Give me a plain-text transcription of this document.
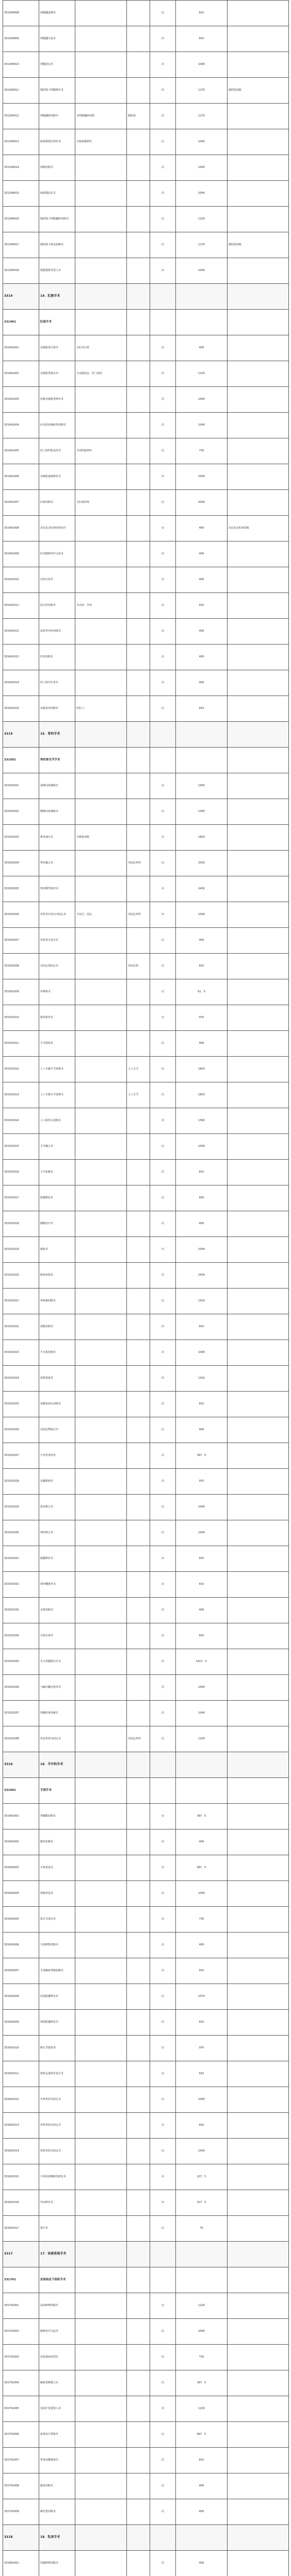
331304008	网膜囊造瘘术			次	810	
331304009	网膜囊引流术			次	810	
331304010	网膜固定术			次	1040	
331304011	腹腔镜下网膜修补术			次	1170	腹腔镜加收
331304012	网膜囊肿切除术	含网膜囊肿切除	腹腔镜	次	1170	
331304013	肠系膜裂孔修补术	含肠系膜修补		次	1040	
331304014	网膜切除术			次	1040	
331304015	肠系膜固定术			次	1040	
331304016	腹腔镜下网膜囊肿切除术			次	1220	
331304017	腹腔镜下粘连松解术			次	1170	腹腔镜加收
331304018	腹膜透析管置入术			次	1040	
3314	14．肛肠手术					
331401	肛肠手术					
331401001	直肠脱垂注射术	含肛周注射		次	400	
331401002	直肠脱垂悬吊术	含直肠固定、肛门成形		次	1220	
331401003	经腹直肠脱垂修补术			次	1040	
331401004	经会阴直肠脱垂切除术			次	1040	
331401005	肛门括约肌成形术	含括约肌修补		次	730	
331401006	直肠阴道瘘修补术			次	1040	
331401007	肛瘘切除术	含肛瘘挂线		次	2030	
331401008	高位复杂肛瘘挂线治疗			次	400	高位复杂肛瘘加收
331401009	肛周脓肿切开引流术			次	400	
331401010	内痔注射术			次	400	
331401011	混合痔切除术	含内痔、外痔		次	810	
331401012	血栓性外痔切除术			次	400	
331401013	肛裂切除术			次	400	
331401014	肛门狭窄扩张术			次	400	
331401015	直肠息肉切除术	经肛门		次	810	
3315	15．骨科手术					
331501	脊柱骨关节手术					
331501001	颈椎间盘摘除术			次	1560	
331501002	腰椎间盘摘除术			次	1560	
331501003	椎管减压术	含椎板切除		次	1820	
331501004	脊柱融合术		内固定材料	次	2030	
331501005	脊柱侧弯矫形术			次	2430	
331501006	骨折切开复位内固定术	含复位、固定	内固定材料	次	1040	
331501007	骨折闭合复位术			次	400	
331501008	外固定架固定术		外固定架	次	810	
331501009	骨移植术			次	91．5	
331501010	截骨矫形术			次	970	
331501011	关节镜检查			次	400	
331501012	人工全髋关节置换术		人工关节	次	1820	
331501013	人工全膝关节置换术		人工关节	次	1820	
331501014	人工股骨头置换术			次	1560	
331501015	关节融合术			次	1040	
331501016	关节松解术			次	810	
331501017	肌腱修复术			次	650	
331501018	腱鞘切开术			次	400	
331501019	截肢术			次	1040	
331501020	断指再植术			次	2430	
331501021	骨肿瘤切除术			次	1410	
331501022	滑膜切除术			次	810	
331501023	半月板切除术			次	1040	
331501024	韧带重建术			次	1410	
331501025	骨髓炎病灶清除术			次	810	
331501026	内固定物取出术			次	400	
331501027	手外伤清创术			次	397．5	
331501028	皮瓣移植术			次	970	
331501029	血管吻合术			次	1040	
331501030	神经吻合术			次	1040	
331501031	跟腱修补术			次	810	
331501032	拇外翻矫形术			次	810	
331501033	多指切除术			次	400	
331501034	并指分离术			次	810	
331501035	先天性髋脱位手术			次	1417．5	
331501036	马蹄内翻足矫形术			次	1040	
331501037	脊髓栓系松解术			次	1040	
331501038	骨盆骨折内固定术		内固定材料	次	1220	
3316	16．手外科手术					
331601	手部手术					
331601001	掌腱膜切除术			次	397．5	
331601002	腕管松解术			次	400	
331601003	手指再造术			次	997．5	
331601004	拇指再造术			次	1040	
331601005	指关节成形术			次	730	
331601006	手部肿物切除术			次	400	
331601007	手部瘢痕挛缩松解术			次	810	
331601008	屈指肌腱修复术			次	1070	
331601009	伸指肌腱修复术			次	810	
331601010	腕关节镜检查			次	970	
331601011	桡骨远端骨折复位术			次	810	
331601012	舟骨骨折内固定术			次	1040	
331601013	掌骨骨折内固定术			次	810	
331601014	指骨骨折内固定术			次	1040	
331601015	手部皮肤撕脱伤修复术			次	227．5	
331601016	甲床修补术			次	227．5	
331601017	拔甲术			次	70	
3317	17．体被系统手术					
331701	皮肤和皮下组织手术					
331701001	浅表肿物切除术			次	1220	
331701002	脓肿切开引流术			次	1040	
331701003	皮肤溃疡清创术			次	730	
331701004	瘢痕切除缝合术			次	397．5	
331701005	皮肤扩张器置入术			次	1220	
331701006	游离皮片移植术			次	997．5	
331701007	带蒂皮瓣移植术			次	810	
331701008	腋臭切除术			次	400	
331701009	藏毛窦切除术			次	400	
3318	18．乳房手术					
331801001	乳腺肿物切除术			次	400	
